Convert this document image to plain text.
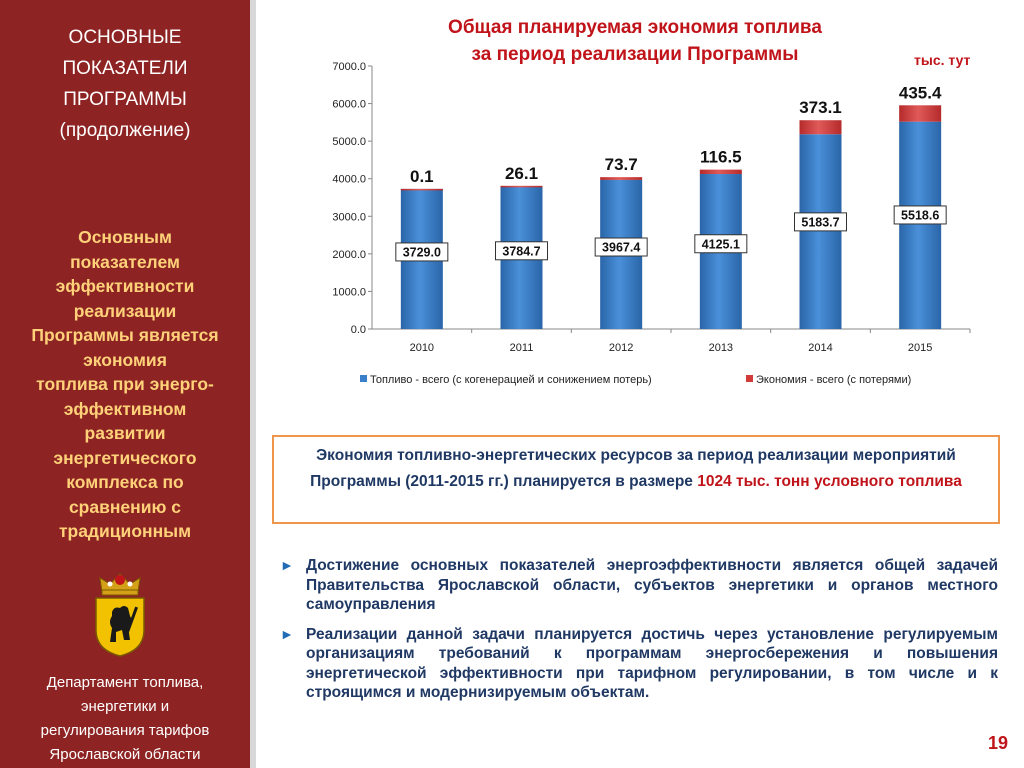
ОСНОВНЫЕ
ПОКАЗАТЕЛИ
ПРОГРАММЫ
(продолжение)
Основным
показателем
эффективности
реализации
Программы является
экономия
топлива при энерго-
эффективном
развитии
энергетического
комплекса по
сравнению с
традиционным
Департамент топлива,
энергетики и
регулирования тарифов
Ярославской области
Общая планируемая экономия топлива
за период реализации Программы	тыс. тут
0.0
1000.0
2000.0
3000.0
4000.0
5000.0
6000.0
7000.0
2010
3729.0
0.1
2011
3784.7
26.1
2012
3967.4
73.7
2013
4125.1
116.5
2014
5183.7
373.1
2015
5518.6
435.4
Топливо - всего (с когенерацией и сонижением потерь)	Экономия - всего (с потерями)
Экономия топливно-энергетических ресурсов за период реализации мероприятий Программы (2011-2015 гг.) планируется в размере 1024 тыс. тонн условного топлива
► Достижение основных показателей энергоэффективности является общей задачей Правительства Ярославской области, субъектов энергетики и органов местного самоуправления
► Реализации данной задачи планируется достичь через установление регулируемым организациям требований к программам энергосбережения и повышения энергетической эффективности при тарифном регулировании, в том числе и к строящимся и модернизируемым объектам.
19
